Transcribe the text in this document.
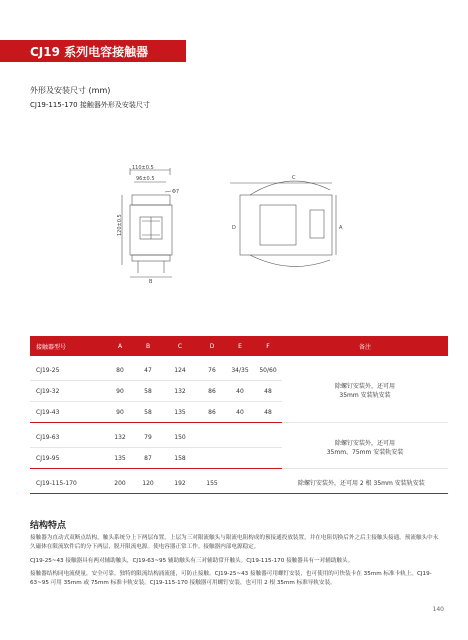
CJ19 系列电容接触器
外形及安装尺寸 (mm)
CJ19-115-170 接触器外形及安装尺寸
110±0.5
96±0.5
Φ7
B
120±0.5
C
D	A
接触器型号	A	B	C	D	E	F	备注

CJ19-25	80	47	124	76	34/35	50/60	除螺钉安装外，还可用
35mm 安装轨安装

CJ19-32	90	58	132	86	40	48	
CJ19-43	90	58	135	86	40	48	

CJ19-63	132	79	150				除螺钉安装外，还可用
35mm、75mm 安装轨安装

CJ19-95	135	87	158				

CJ19-115-170	200	120	192	155			除螺钉安装外，还可用 2 根 35mm 安装轨安装
结构特点
接触器为直动式双断点结构，触头系统分上下两层布置。上层为三对限流触头与限流电阻构成的预接通投放装置，并在电阻切换后外之后主接触头接通。预流触头中永久磁体在限流软件后的分下两层，脱开限流电源。使电容器正常工作。接触器内部电源稳定。
CJ19-25~43 接触器具有两对辅助触头，CJ19-63~95 辅助触头有三对辅助常开触头。CJ19-115-170 接触器具有一对辅助触头。
接触器结构同电流便量，安全可靠。独特的限流结构涌流能，可防止接触。CJ19-25~43 接触器可用螺钉安装，也可使用的可快装卡在 35mm 标准卡轨上。CJ19-63~95 可用 35mm 或 75mm 标准卡轨安装。CJ19-115-170 接触器可用螺钉安装，也可用 2 根 35mm 标准导轨安装。
140
